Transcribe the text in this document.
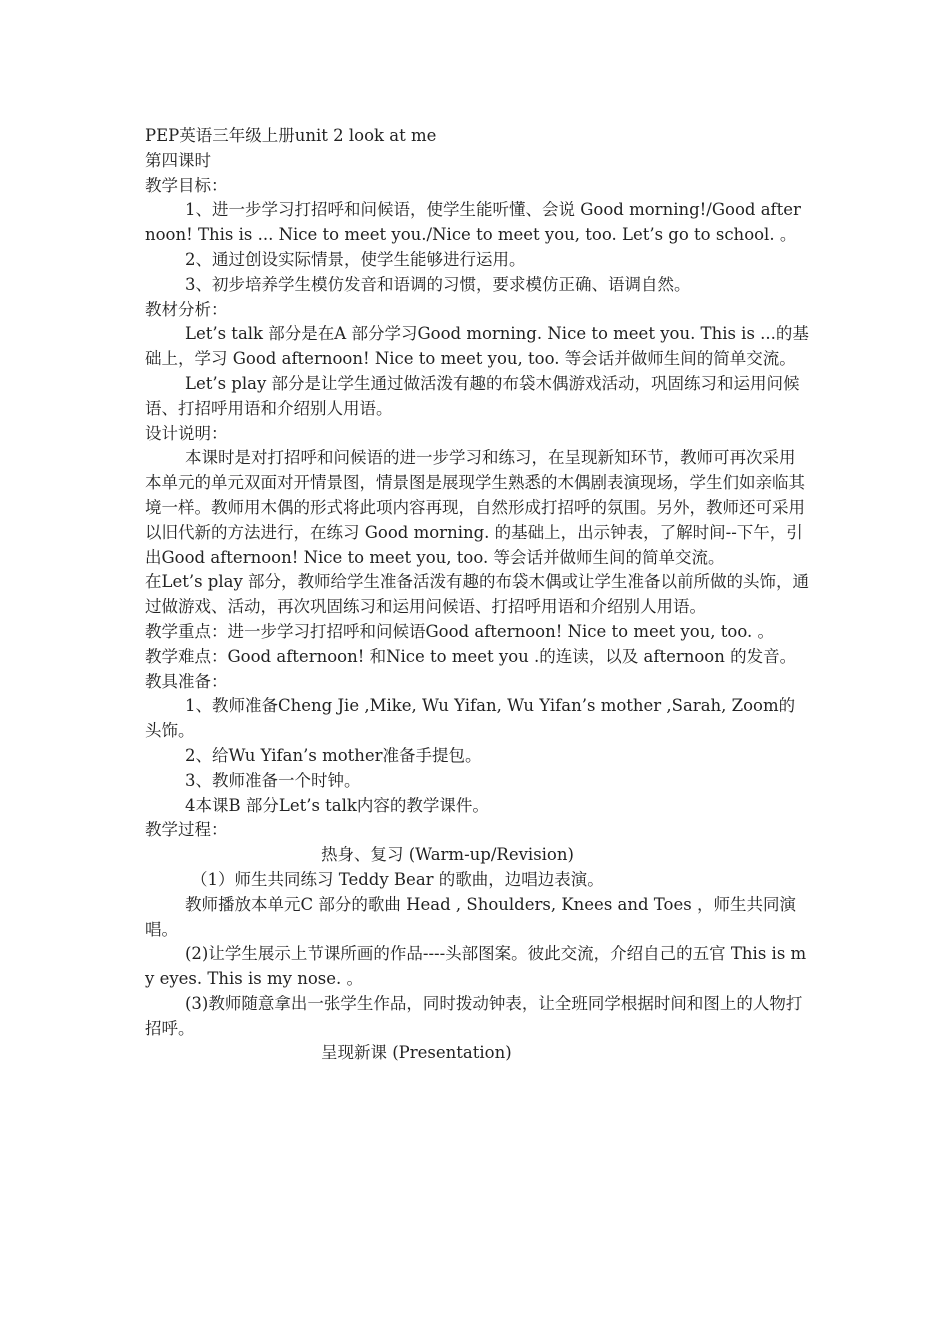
PEP英语三年级上册unit 2 look at me
第四课时
教学目标：
1、进一步学习打招呼和问候语，使学生能听懂、会说 Good morning!/Good afternoon! This is ... Nice to meet you./Nice to meet you, too. Let’s go to school. 。
2、通过创设实际情景，使学生能够进行运用。
3、初步培养学生模仿发音和语调的习惯，要求模仿正确、语调自然。
教材分析：
Let’s talk 部分是在A 部分学习Good morning. Nice to meet you. This is ...的基础上，学习 Good afternoon! Nice to meet you, too. 等会话并做师生间的简单交流。
Let’s play 部分是让学生通过做活泼有趣的布袋木偶游戏活动，巩固练习和运用问候语、打招呼用语和介绍别人用语。
设计说明：
本课时是对打招呼和问候语的进一步学习和练习，在呈现新知环节，教师可再次采用本单元的单元双面对开情景图，情景图是展现学生熟悉的木偶剧表演现场，学生们如亲临其境一样。教师用木偶的形式将此项内容再现，自然形成打招呼的氛围。另外，教师还可采用以旧代新的方法进行，在练习 Good morning. 的基础上，出示钟表，了解时间--下午，引出Good afternoon! Nice to meet you, too. 等会话并做师生间的简单交流。
在Let’s play 部分，教师给学生准备活泼有趣的布袋木偶或让学生准备以前所做的头饰，通过做游戏、活动，再次巩固练习和运用问候语、打招呼用语和介绍别人用语。
教学重点：进一步学习打招呼和问候语Good afternoon! Nice to meet you, too. 。
教学难点：Good afternoon! 和Nice to meet you .的连读，以及 afternoon 的发音。
教具准备：
1、教师准备Cheng Jie ,Mike, Wu Yifan, Wu Yifan’s mother ,Sarah, Zoom的头饰。
2、给Wu Yifan’s mother准备手提包。
3、教师准备一个时钟。
4本课B 部分Let’s talk内容的教学课件。
教学过程：
热身、复习 (Warm-up/Revision)
（1）师生共同练习 Teddy Bear 的歌曲，边唱边表演。
教师播放本单元C 部分的歌曲 Head , Shoulders, Knees and Toes ，师生共同演唱。
(2)让学生展示上节课所画的作品----头部图案。彼此交流，介绍自己的五官 This is my eyes. This is my nose. 。
(3)教师随意拿出一张学生作品，同时拨动钟表，让全班同学根据时间和图上的人物打招呼。
呈现新课 (Presentation)
